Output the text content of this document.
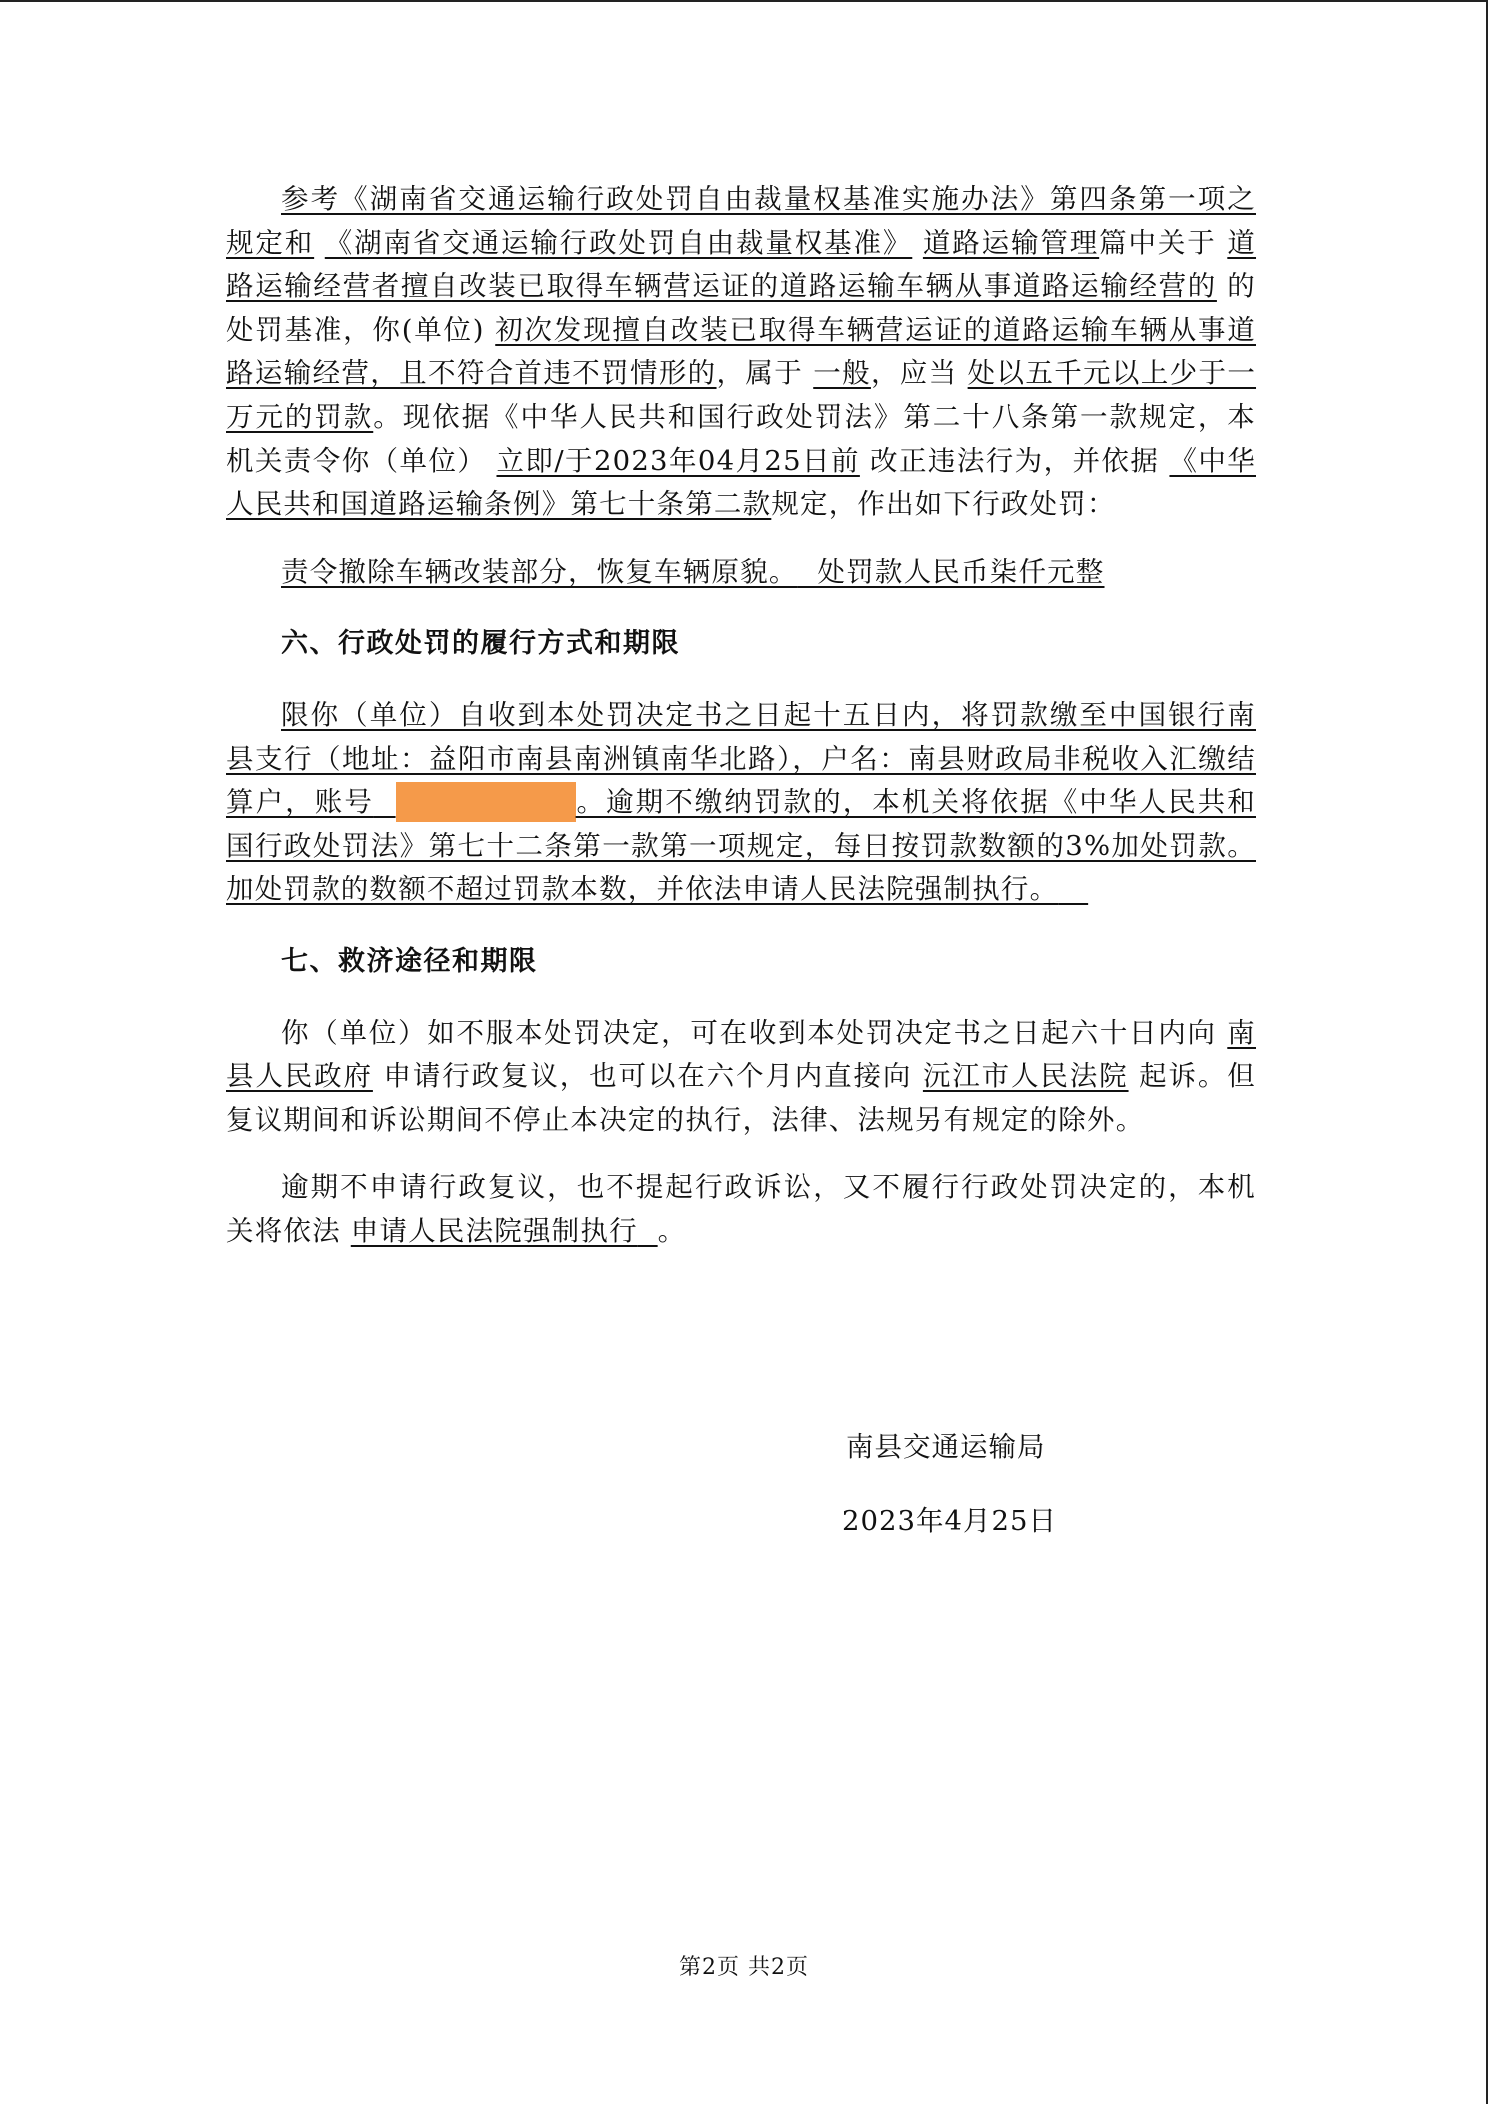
参考《湖南省交通运输行政处罚自由裁量权基准实施办法》第四条第一项之规定和 《湖南省交通运输行政处罚自由裁量权基准》 道路运输管理篇中关于 道路运输经营者擅自改装已取得车辆营运证的道路运输车辆从事道路运输经营的 的处罚基准，你(单位) 初次发现擅自改装已取得车辆营运证的道路运输车辆从事道路运输经营，且不符合首违不罚情形的，属于 一般，应当 处以五千元以上少于一万元的罚款。现依据《中华人民共和国行政处罚法》第二十八条第一款规定，本机关责令你（单位） 立即/于2023年04月25日前 改正违法行为，并依据 《中华人民共和国道路运输条例》第七十条第二款规定，作出如下行政处罚：

责令撤除车辆改装部分，恢复车辆原貌。 处罚款人民币柒仟元整

六、行政处罚的履行方式和期限

限你（单位）自收到本处罚决定书之日起十五日内，将罚款缴至中国银行南县支行（地址：益阳市南县南洲镇南华北路），户名：南县财政局非税收入汇缴结算户，账号	。逾期不缴纳罚款的，本机关将依据《中华人民共和国行政处罚法》第七十二条第一款第一项规定，每日按罚款数额的3%加处罚款。加处罚款的数额不超过罚款本数，并依法申请人民法院强制执行。

七、救济途径和期限

你（单位）如不服本处罚决定，可在收到本处罚决定书之日起六十日内向 南县人民政府 申请行政复议，也可以在六个月内直接向 沅江市人民法院 起诉。但复议期间和诉讼期间不停止本决定的执行，法律、法规另有规定的除外。

逾期不申请行政复议，也不提起行政诉讼，又不履行行政处罚决定的，本机关将依法 申请人民法院强制执行 。

南县交通运输局

2023年4月25日

第2页 共2页
